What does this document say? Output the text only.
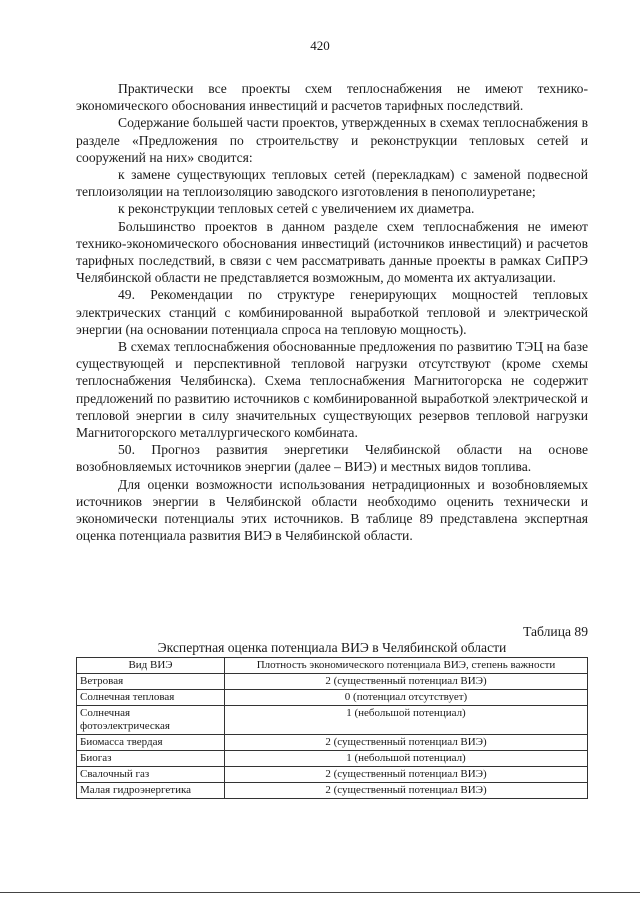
420

Практически все проекты схем теплоснабжения не имеют технико-экономического обоснования инвестиций и расчетов тарифных последствий.

Содержание большей части проектов, утвержденных в схемах теплоснабжения в разделе «Предложения по строительству и реконструкции тепловых сетей и сооружений на них» сводится:

к замене существующих тепловых сетей (перекладкам) с заменой подвесной теплоизоляции на теплоизоляцию заводского изготовления в пенополиуретане;

к реконструкции тепловых сетей с увеличением их диаметра.

Большинство проектов в данном разделе схем теплоснабжения не имеют технико-экономического обоснования инвестиций (источников инвестиций) и расчетов тарифных последствий, в связи с чем рассматривать данные проекты в рамках СиПРЭ Челябинской области не представляется возможным, до момента их актуализации.

49. Рекомендации по структуре генерирующих мощностей тепловых электрических станций с комбинированной выработкой тепловой и электрической энергии (на основании потенциала спроса на тепловую мощность).

В схемах теплоснабжения обоснованные предложения по развитию ТЭЦ на базе существующей и перспективной тепловой нагрузки отсутствуют (кроме схемы теплоснабжения Челябинска). Схема теплоснабжения Магнитогорска не содержит предложений по развитию источников с комбинированной выработкой электрической и тепловой энергии в силу значительных существующих резервов тепловой нагрузки Магнитогорского металлургического комбината.

50. Прогноз развития энергетики Челябинской области на основе возобновляемых источников энергии (далее – ВИЭ) и местных видов топлива.

Для оценки возможности использования нетрадиционных и возобновляемых источников энергии в Челябинской области необходимо оценить технически и экономически потенциалы этих источников. В таблице 89 представлена экспертная оценка потенциала развития ВИЭ в Челябинской области.

Таблица 89
Экспертная оценка потенциала ВИЭ в Челябинской области
Вид ВИЭ	Плотность экономического потенциала ВИЭ, степень важности
Ветровая	2 (существенный потенциал ВИЭ)
Солнечная тепловая	0 (потенциал отсутствует)
Солнечная фотоэлектрическая	1 (небольшой потенциал)
Биомасса твердая	2 (существенный потенциал ВИЭ)
Биогаз	1 (небольшой потенциал)
Свалочный газ	2 (существенный потенциал ВИЭ)
Малая гидроэнергетика	2 (существенный потенциал ВИЭ)
